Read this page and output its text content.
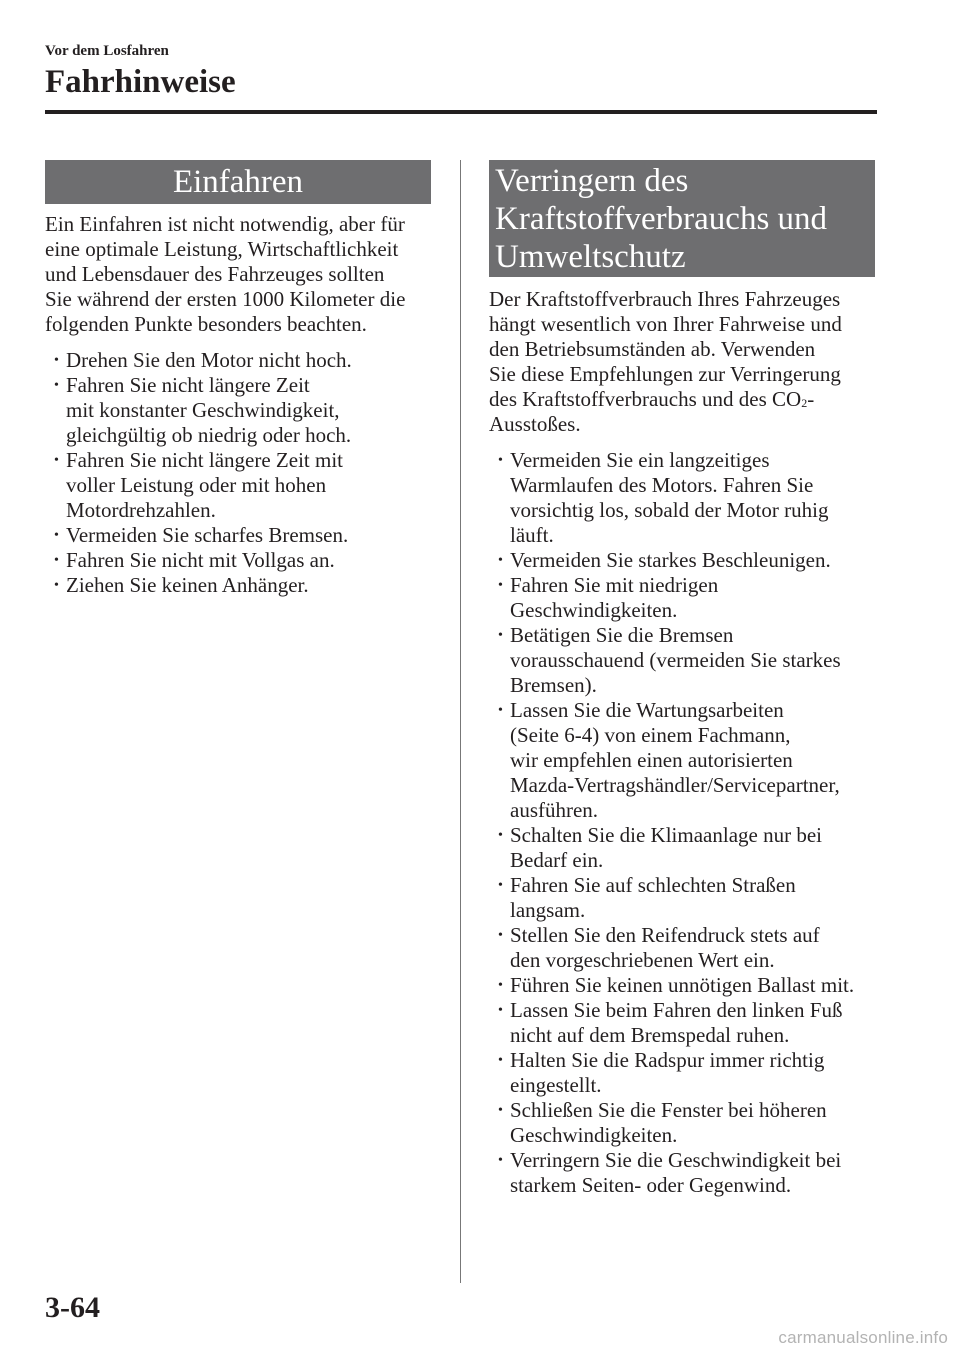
Vor dem Losfahren
Fahrhinweise
Einfahren

Ein Einfahren ist nicht notwendig, aber für
eine optimale Leistung, Wirtschaftlichkeit
und Lebensdauer des Fahrzeuges sollten
Sie während der ersten 1000 Kilometer die
folgenden Punkte besonders beachten.

• Drehen Sie den Motor nicht hoch.
• Fahren Sie nicht längere Zeit
mit konstanter Geschwindigkeit,
gleichgültig ob niedrig oder hoch.
• Fahren Sie nicht längere Zeit mit
voller Leistung oder mit hohen
Motordrehzahlen.
• Vermeiden Sie scharfes Bremsen.
• Fahren Sie nicht mit Vollgas an.
• Ziehen Sie keinen Anhänger.
Verringern des
Kraftstoffverbrauchs und
Umweltschutz

Der Kraftstoffverbrauch Ihres Fahrzeuges
hängt wesentlich von Ihrer Fahrweise und
den Betriebsumständen ab. Verwenden
Sie diese Empfehlungen zur Verringerung
des Kraftstoffverbrauchs und des $CO_2-$
Ausstoßes.

• Vermeiden Sie ein langzeitiges
Warmlaufen des Motors. Fahren Sie
vorsichtig los, sobald der Motor ruhig
läuft.
• Vermeiden Sie starkes Beschleunigen.
• Fahren Sie mit niedrigen
Geschwindigkeiten.
• Betätigen Sie die Bremsen
vorausschauend (vermeiden Sie starkes
Bremsen).
• Lassen Sie die Wartungsarbeiten
(Seite 6-4) von einem Fachmann,
wir empfehlen einen autorisierten
Mazda-Vertragshändler/Servicepartner,
ausführen.
• Schalten Sie die Klimaanlage nur bei
Bedarf ein.
• Fahren Sie auf schlechten Straßen
langsam.
• Stellen Sie den Reifendruck stets auf
den vorgeschriebenen Wert ein.
• Führen Sie keinen unnötigen Ballast mit.
• Lassen Sie beim Fahren den linken Fuß
nicht auf dem Bremspedal ruhen.
• Halten Sie die Radspur immer richtig
eingestellt.
• Schließen Sie die Fenster bei höheren
Geschwindigkeiten.
• Verringern Sie die Geschwindigkeit bei
starkem Seiten- oder Gegenwind.
3-64
carmanualsonline.info
